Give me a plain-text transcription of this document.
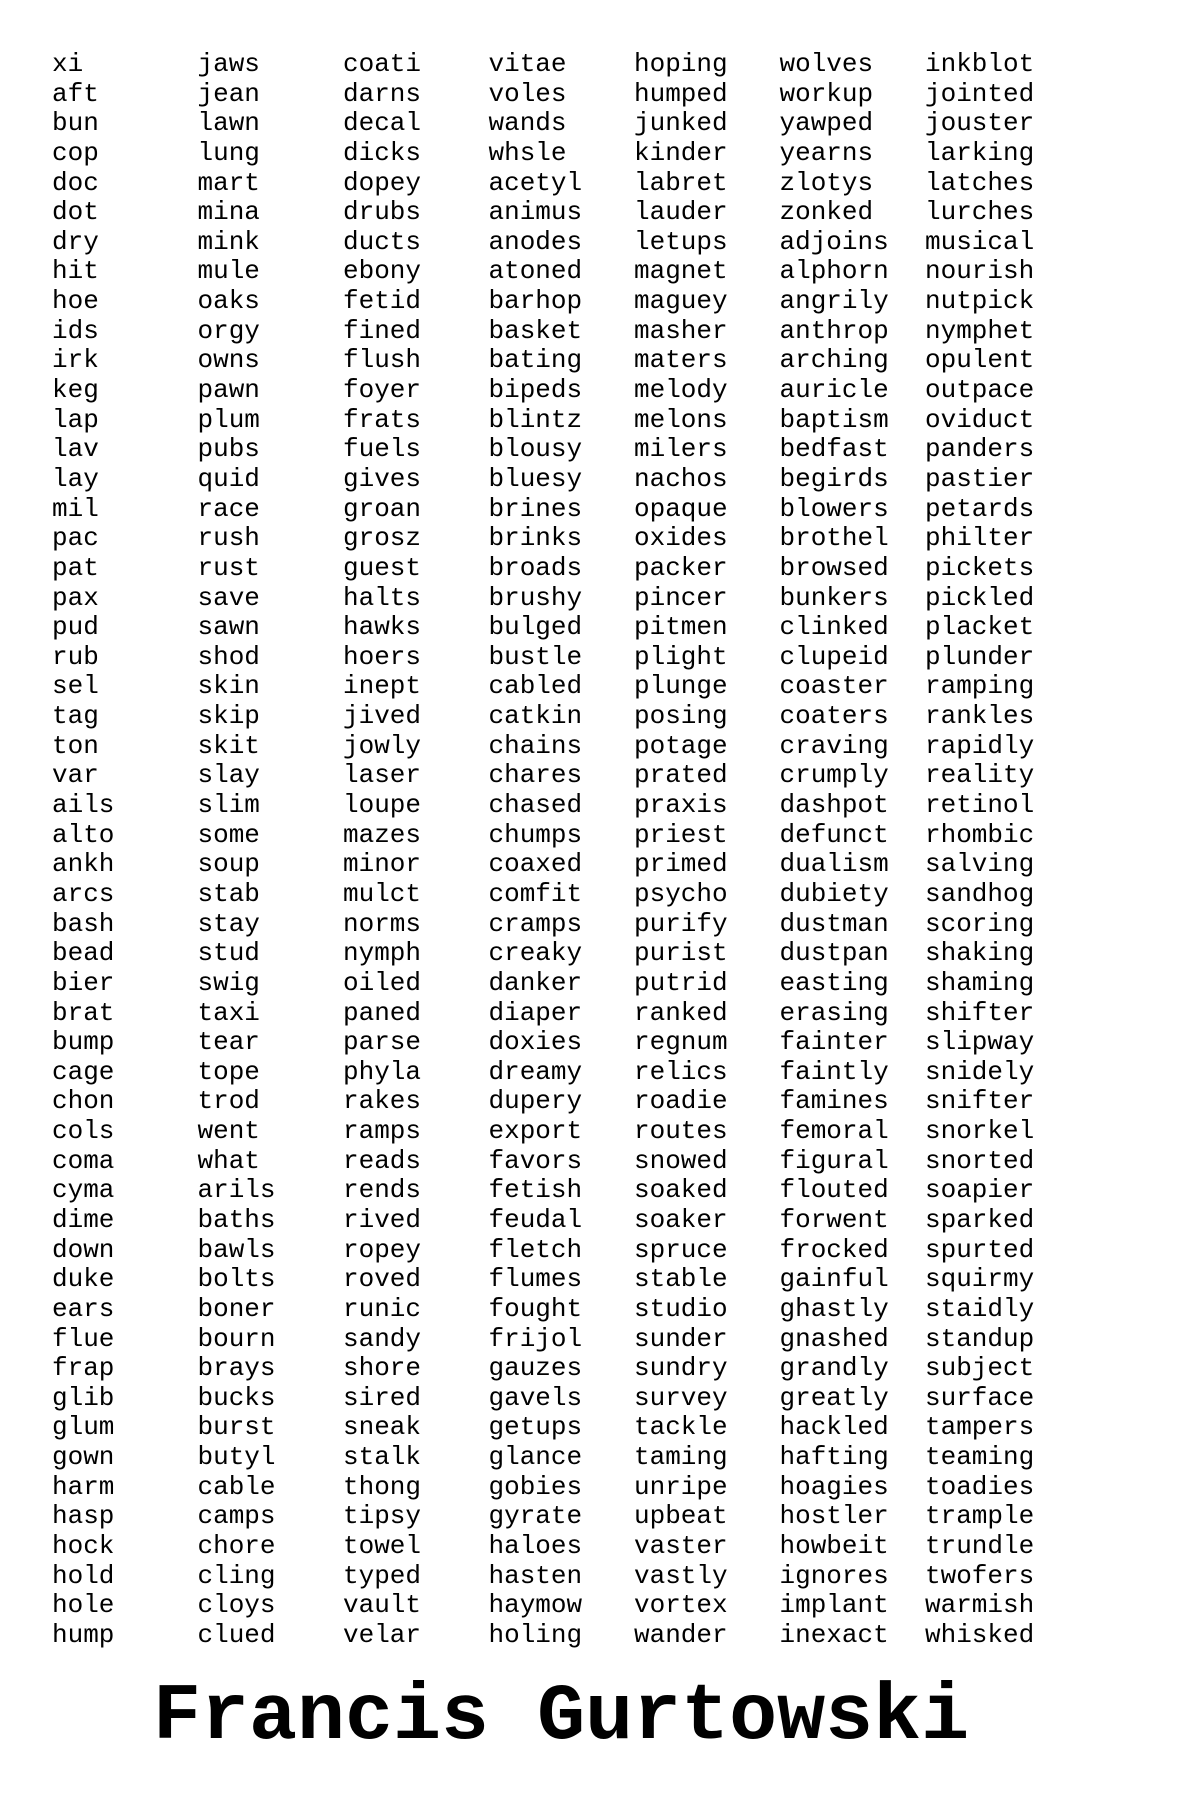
xi
aft
bun
cop
doc
dot
dry
hit
hoe
ids
irk
keg
lap
lav
lay
mil
pac
pat
pax
pud
rub
sel
tag
ton
var
ails
alto
ankh
arcs
bash
bead
bier
brat
bump
cage
chon
cols
coma
cyma
dime
down
duke
ears
flue
frap
glib
glum
gown
harm
hasp
hock
hold
hole
hump
jaws
jean
lawn
lung
mart
mina
mink
mule
oaks
orgy
owns
pawn
plum
pubs
quid
race
rush
rust
save
sawn
shod
skin
skip
skit
slay
slim
some
soup
stab
stay
stud
swig
taxi
tear
tope
trod
went
what
arils
baths
bawls
bolts
boner
bourn
brays
bucks
burst
butyl
cable
camps
chore
cling
cloys
clued
coati
darns
decal
dicks
dopey
drubs
ducts
ebony
fetid
fined
flush
foyer
frats
fuels
gives
groan
grosz
guest
halts
hawks
hoers
inept
jived
jowly
laser
loupe
mazes
minor
mulct
norms
nymph
oiled
paned
parse
phyla
rakes
ramps
reads
rends
rived
ropey
roved
runic
sandy
shore
sired
sneak
stalk
thong
tipsy
towel
typed
vault
velar
vitae
voles
wands
whsle
acetyl
animus
anodes
atoned
barhop
basket
bating
bipeds
blintz
blousy
bluesy
brines
brinks
broads
brushy
bulged
bustle
cabled
catkin
chains
chares
chased
chumps
coaxed
comfit
cramps
creaky
danker
diaper
doxies
dreamy
dupery
export
favors
fetish
feudal
fletch
flumes
fought
frijol
gauzes
gavels
getups
glance
gobies
gyrate
haloes
hasten
haymow
holing
hoping
humped
junked
kinder
labret
lauder
letups
magnet
maguey
masher
maters
melody
melons
milers
nachos
opaque
oxides
packer
pincer
pitmen
plight
plunge
posing
potage
prated
praxis
priest
primed
psycho
purify
purist
putrid
ranked
regnum
relics
roadie
routes
snowed
soaked
soaker
spruce
stable
studio
sunder
sundry
survey
tackle
taming
unripe
upbeat
vaster
vastly
vortex
wander
wolves
workup
yawped
yearns
zlotys
zonked
adjoins
alphorn
angrily
anthrop
arching
auricle
baptism
bedfast
begirds
blowers
brothel
browsed
bunkers
clinked
clupeid
coaster
coaters
craving
crumply
dashpot
defunct
dualism
dubiety
dustman
dustpan
easting
erasing
fainter
faintly
famines
femoral
figural
flouted
forwent
frocked
gainful
ghastly
gnashed
grandly
greatly
hackled
hafting
hoagies
hostler
howbeit
ignores
implant
inexact
inkblot
jointed
jouster
larking
latches
lurches
musical
nourish
nutpick
nymphet
opulent
outpace
oviduct
panders
pastier
petards
philter
pickets
pickled
placket
plunder
ramping
rankles
rapidly
reality
retinol
rhombic
salving
sandhog
scoring
shaking
shaming
shifter
slipway
snidely
snifter
snorkel
snorted
soapier
sparked
spurted
squirmy
staidly
standup
subject
surface
tampers
teaming
toadies
trample
trundle
twofers
warmish
whisked
Francis Gurtowski
